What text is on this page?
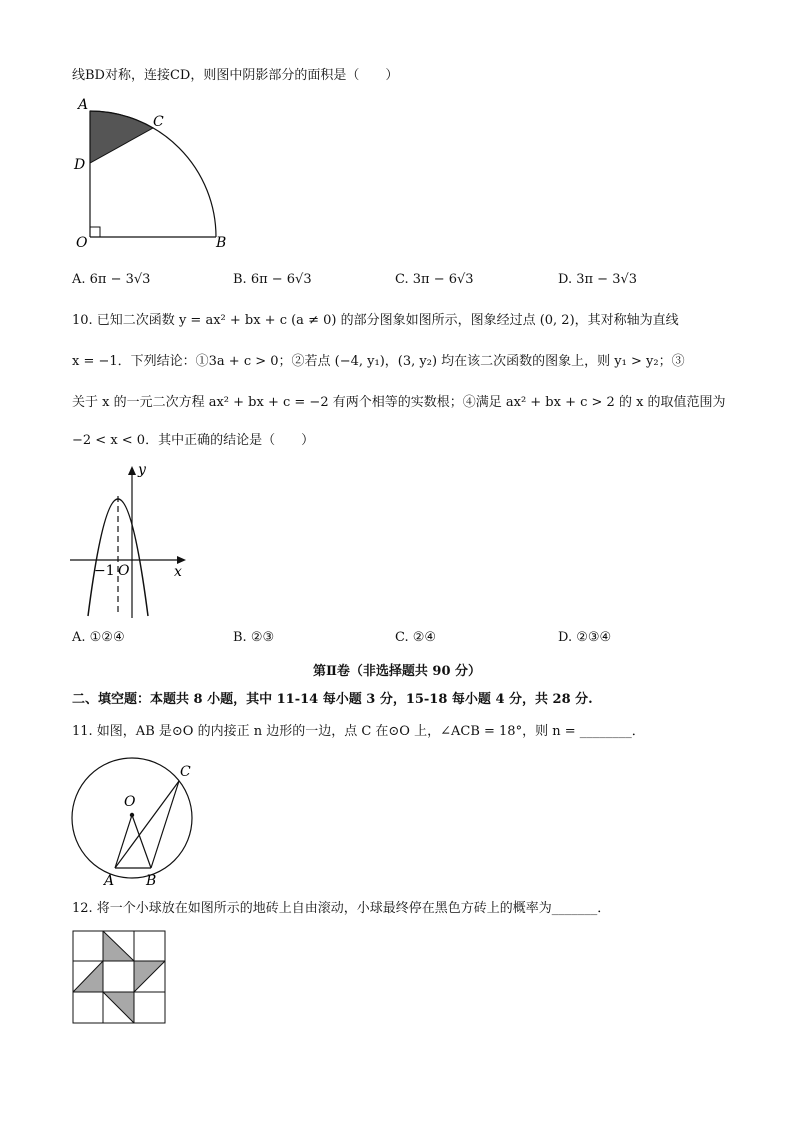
线BD对称，连接CD，则图中阴影部分的面积是（　　）
A
C
D
O	B
A. 6π − 3√3	B. 6π − 6√3	C. 3π − 6√3	D. 3π − 3√3
10. 已知二次函数 y = ax² + bx + c (a ≠ 0) 的部分图象如图所示，图象经过点 (0, 2)，其对称轴为直线
x = −1．下列结论：①3a + c > 0；②若点 (−4, y₁)，(3, y₂) 均在该二次函数的图象上，则 y₁ > y₂；③
关于 x 的一元二次方程 ax² + bx + c = −2 有两个相等的实数根；④满足 ax² + bx + c > 2 的 x 的取值范围为
−2 < x < 0．其中正确的结论是（　　）
y
x
−1 O
A. ①②④	B. ②③	C. ②④	D. ②③④
第Ⅱ卷（非选择题共 90 分）
二、填空题：本题共 8 小题，其中 11-14 每小题 3 分，15-18 每小题 4 分，共 28 分.
11. 如图，AB 是⊙O 的内接正 n 边形的一边，点 C 在⊙O 上，∠ACB = 18°，则 n = ________．
C
O
A B
12. 将一个小球放在如图所示的地砖上自由滚动，小球最终停在黑色方砖上的概率为_______．
